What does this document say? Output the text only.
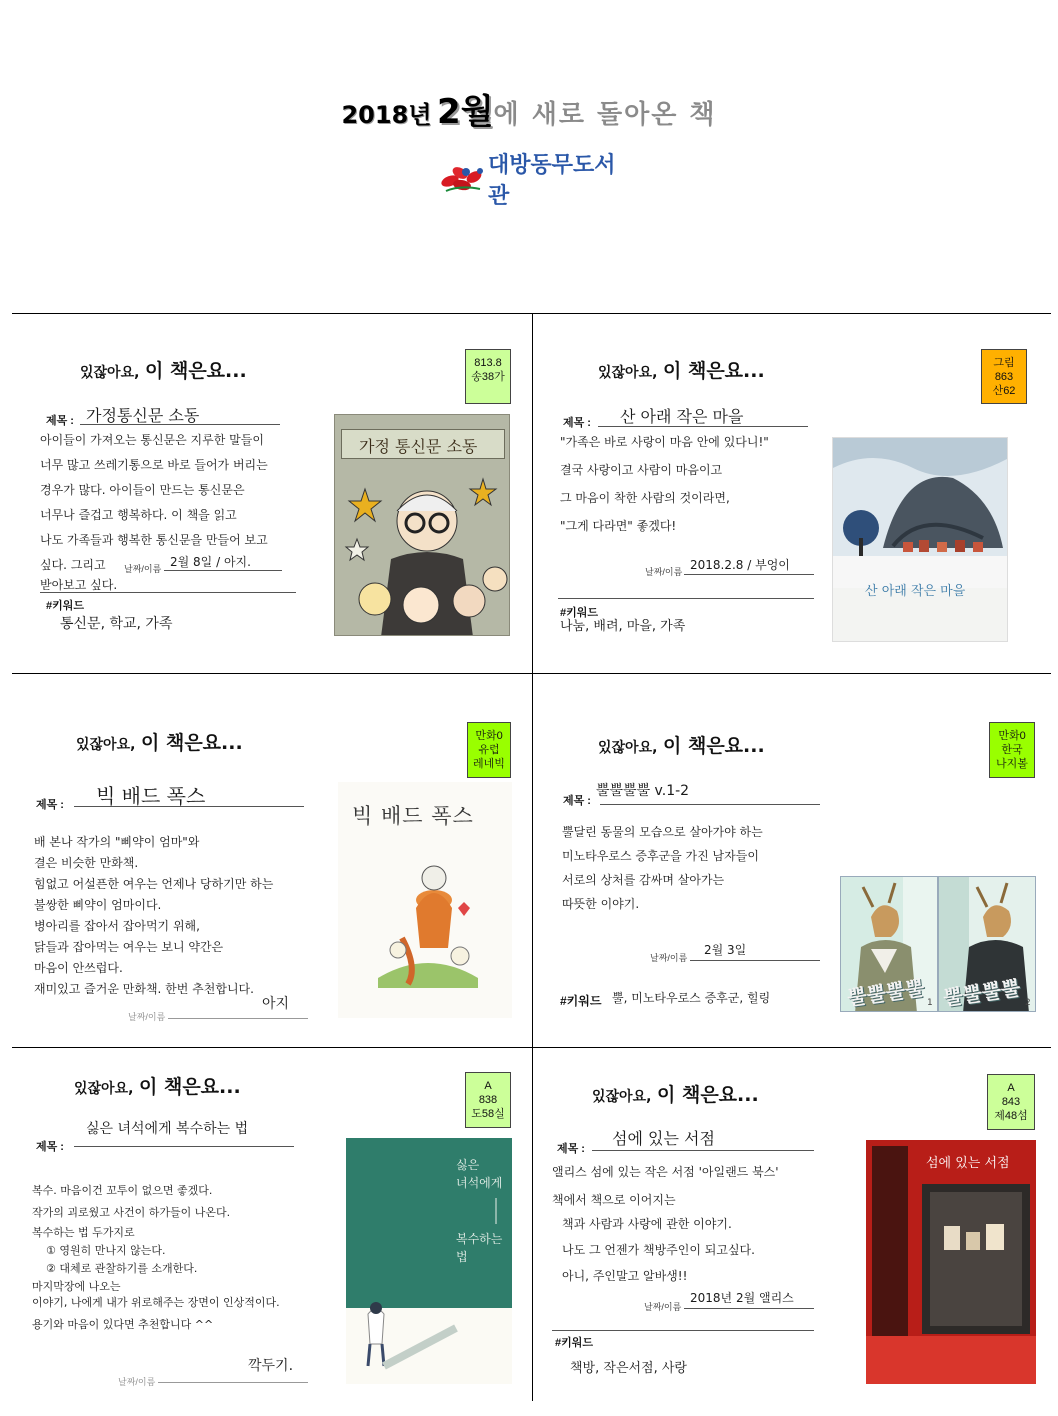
2018년 2월에 새로 돌아온 책
대방동무도서관
있잖아요, 이 책은요...	813.8
송38가
제목 : 가정통신문 소동
아이들이 가져오는 통신문은 지루한 말들이
너무 많고 쓰레기통으로 바로 들어가 버리는
경우가 많다. 아이들이 만드는 통신문은
너무나 즐겁고 행복하다. 이 책을 읽고
나도 가족들과 행복한 통신문을 만들어 보고
싶다. 그리고
받아보고 싶다.
날짜/이름 2월 8일 / 아지.
#키워드
통신문, 학교, 가족
가정 통신문 소동
있잖아요, 이 책은요...	그림
863
산62
제목 : 산 아래 작은 마을
"가족은 바로 사랑이 마음 안에 있다니!"
결국 사랑이고 사람이 마음이고
그 마음이 착한 사람의 것이라면,
"그게 다라면" 좋겠다!
날짜/이름 2018.2.8 / 부엉이
#키워드
나눔, 배려, 마을, 가족
산 아래 작은 마을
있잖아요, 이 책은요...	만화0
유럽
레네빅
제목 : 빅 배드 폭스
배 본나 작가의 "삐약이 엄마"와
결은 비슷한 만화책.
힘없고 어설픈한 여우는 언제나 당하기만 하는
불쌍한 삐약이 엄마이다.
병아리를 잡아서 잡아먹기 위해,
닭들과 잡아먹는 여우는 보니 약간은
마음이 안쓰럽다.
재미있고 즐거운 만화책. 한번 추천합니다.
날짜/이름
아지
빅 배드 폭스
있잖아요, 이 책은요...	만화0
한국
나지볼
제목 :
뿔뿔뿔뿔 v.1-2
뿔달린 동물의 모습으로 살아가야 하는
미노타우로스 증후군을 가진 남자들이
서로의 상처를 감싸며 살아가는
따뜻한 이야기.
날짜/이름
2월 3일
#키워드 뿔, 미노타우로스 증후군, 힐링	1
뿔뿔뿔뿔	2
뿔뿔뿔뿔
있잖아요, 이 책은요...	A
838
도58실
제목 :
싫은 녀석에게 복수하는 법
복수. 마음이건 꼬투이 없으면 좋겠다.
작가의 괴로웠고 사건이 하가들이 나온다.
복수하는 법 두가지로
① 영원히 만나지 않는다.
② 대체로 관찰하기를 소개한다.
마지막장에 나오는
이야기, 나에게 내가 위로해주는 장면이 인상적이다.
용기와 마음이 있다면 추천합니다 ^^
날짜/이름
깍두기.
싫은
녀석에게
복수하는
법
있잖아요, 이 책은요...	A
843
제48섬
제목 :
섬에 있는 서점
앨리스 섬에 있는 작은 서점 '아일랜드 북스'
책에서 책으로 이어지는
책과 사람과 사랑에 관한 이야기.
나도 그 언젠가 책방주인이 되고싶다.
아니, 주인말고 알바생!!
날짜/이름
2018년 2월 앨리스
#키워드
책방, 작은서점, 사랑
섬에 있는 서점
